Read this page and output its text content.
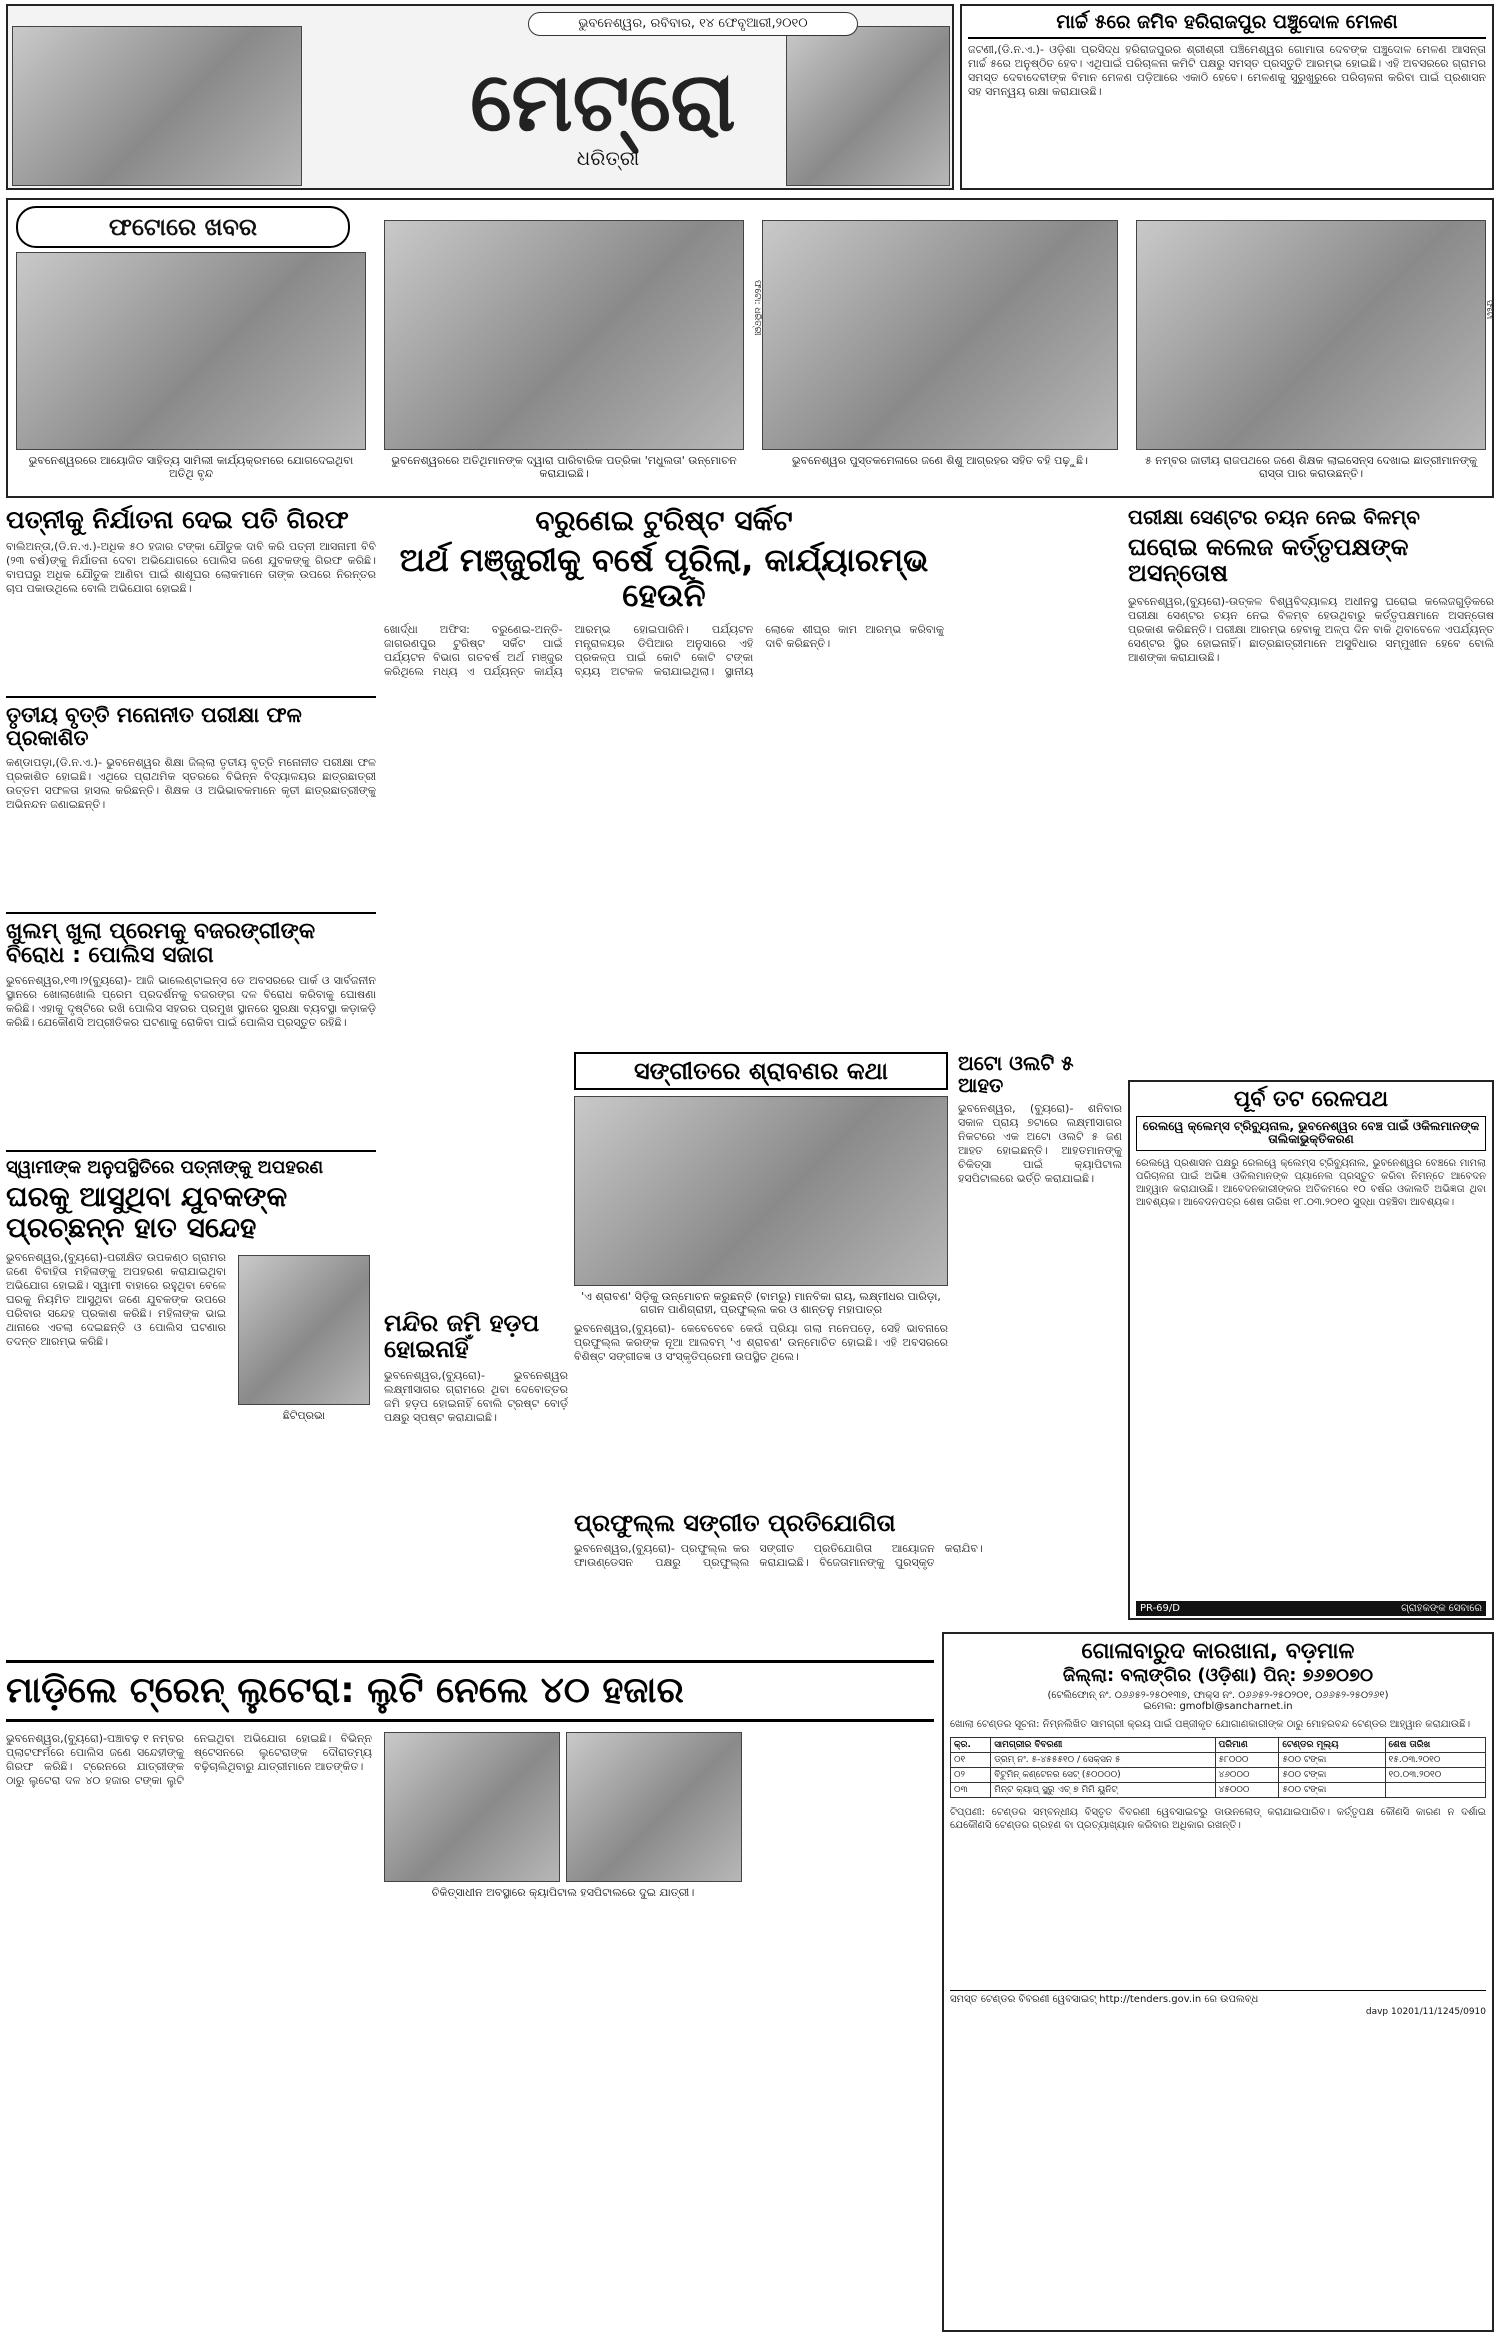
ଭୁବନେଶ୍ୱର, ରବିବାର, ୧୪ ଫେବୃଆରୀ,୨୦୧୦
ମେଟ୍ରୋ
ଧରିତ୍ରୀ
ମାର୍ଚ୍ଚ ୫ରେ ଜମିବ ହରିରାଜପୁର ପଞ୍ଚୁଦୋଳ ମେଳଣ
ଜଟଣୀ,(ଡି.ନ.ଏ.)- ଓଡ଼ିଶା ପ୍ରସିଦ୍ଧ ହରିରାଜପୁରର ଶ୍ରୀଶ୍ରୀ ପଞ୍ଚିମେଶ୍ୱର ଗୋମାତା ଦେବଙ୍କ ପଞ୍ଚୁଦୋଳ ମେଳଣ ଆସନ୍ତା ମାର୍ଚ୍ଚ ୫ରେ ଅନୁଷ୍ଠିତ ହେବ। ଏଥିପାଇଁ ପରିଚାଳନା କମିଟି ପକ୍ଷରୁ ସମସ୍ତ ପ୍ରସ୍ତୁତି ଆରମ୍ଭ ହୋଇଛି। ଏହି ଅବସରରେ ଗ୍ରାମର ସମସ୍ତ ଦେବାଦେବୀଙ୍କ ବିମାନ ମେଳଣ ପଡ଼ିଆରେ ଏକାଠି ହେବେ। ମେଳଣକୁ ସୁରୁଖୁରୁରେ ପରିଚାଳନା କରିବା ପାଇଁ ପ୍ରଶାସନ ସହ ସମନ୍ୱୟ ରକ୍ଷା କରାଯାଉଛି।
ଫଟୋରେ ଖବର
ଭୁବନେଶ୍ୱରରେ ଆୟୋଜିତ ସାହିତ୍ୟ ସାମିଲୀ କାର୍ଯ୍ୟକ୍ରମରେ ଯୋଗଦେଇଥିବା ଅତିଥି ବୃନ୍ଦ
ଭୁବନେଶ୍ୱରରେ ଅତିଥିମାନଙ୍କ ଦ୍ୱାରା ପାରିବାରିକ ପତ୍ରିକା 'ମଧୁଲତା' ଉନ୍ମୋଚନ କରାଯାଇଛି।
ଫଟୋ: ଧରିତ୍ରୀ
ଭୁବନେଶ୍ୱର ପୁସ୍ତକମେଳାରେ ଜଣେ ଶିଶୁ ଆଗ୍ରହର ସହିତ ବହି ପଢ଼ୁଛି।
ଫଟୋ
୫ ନମ୍ବର ଜାତୀୟ ରାଜପଥରେ ଜଣେ ଶିକ୍ଷକ ଲାଇସେନ୍ସ ଦେଖାଇ ଛାତ୍ରୀମାନଙ୍କୁ ରାସ୍ତା ପାର କରାଉଛନ୍ତି।
ପତ୍ନୀକୁ ନିର୍ଯାତନା ଦେଇ ପତି ଗିରଫ
ବାଲିଅନ୍ତା,(ଡି.ନ.ଏ.)-ଅଧିକ ୫୦ ହଜାର ଟଙ୍କା ଯୌତୁକ ଦାବି କରି ପତ୍ନୀ ଆସନାମୀ ବିବି (୨୩ ବର୍ଷ)ଙ୍କୁ ନିର୍ଯାତନା ଦେବା ଅଭିଯୋଗରେ ପୋଲିସ ଜଣେ ଯୁବକଙ୍କୁ ଗିରଫ କରିଛି। ବାପଘରୁ ଅଧିକ ଯୌତୁକ ଆଣିବା ପାଇଁ ଶାଶୂଘର ଲୋକମାନେ ତାଙ୍କ ଉପରେ ନିରନ୍ତର ଚାପ ପକାଉଥିଲେ ବୋଲି ଅଭିଯୋଗ ହୋଇଛି।
ତୃତୀୟ ବୃତ୍ତି ମନୋନୀତ ପରୀକ୍ଷା ଫଳ ପ୍ରକାଶିତ
କଣ୍ଡାପଡ଼ା,(ଡି.ନ.ଏ.)- ଭୁବନେଶ୍ୱର ଶିକ୍ଷା ଜିଲ୍ଲା ତୃତୀୟ ବୃତ୍ତି ମନୋନୀତ ପରୀକ୍ଷା ଫଳ ପ୍ରକାଶିତ ହୋଇଛି। ଏଥିରେ ପ୍ରାଥମିକ ସ୍ତରରେ ବିଭିନ୍ନ ବିଦ୍ୟାଳୟର ଛାତ୍ରଛାତ୍ରୀ ଉତ୍ତମ ସଫଳତା ହାସଲ କରିଛନ୍ତି। ଶିକ୍ଷକ ଓ ଅଭିଭାବକମାନେ କୃତୀ ଛାତ୍ରଛାତ୍ରୀଙ୍କୁ ଅଭିନନ୍ଦନ ଜଣାଇଛନ୍ତି।
ଖୁଲମ୍ ଖୁଲା ପ୍ରେମକୁ ବଜରଙ୍ଗୀଙ୍କ ବିରୋଧ : ପୋଲିସ ସଜାଗ
ଭୁବନେଶ୍ୱର,୧୩।୨(ବ୍ୟୁରୋ)- ଆଜି ଭାଲେଣ୍ଟାଇନ୍ସ ଡେ ଅବସରରେ ପାର୍କ ଓ ସାର୍ବଜନୀନ ସ୍ଥାନରେ ଖୋଲାଖୋଲି ପ୍ରେମ ପ୍ରଦର୍ଶନକୁ ବଜରଙ୍ଗ ଦଳ ବିରୋଧ କରିବାକୁ ଘୋଷଣା କରିଛି। ଏହାକୁ ଦୃଷ୍ଟିରେ ରଖି ପୋଲିସ ସହରର ପ୍ରମୁଖ ସ୍ଥାନରେ ସୁରକ୍ଷା ବ୍ୟବସ୍ଥା କଡ଼ାକଡ଼ି କରିଛି। ଯେକୌଣସି ଅପ୍ରୀତିକର ଘଟଣାକୁ ରୋକିବା ପାଇଁ ପୋଲିସ ପ୍ରସ୍ତୁତ ରହିଛି।
ସ୍ୱାମୀଙ୍କ ଅନୁପସ୍ଥିତିରେ ପତ୍ନୀଙ୍କୁ ଅପହରଣ
ଘରକୁ ଆସୁଥିବା ଯୁବକଙ୍କ ପ୍ରଚ୍ଛନ୍ନ ହାତ ସନ୍ଦେହ
ଭୁବନେଶ୍ୱର,(ବ୍ୟୁରୋ)-ପରୀକ୍ଷିତ ଉପକଣ୍ଠ ଗ୍ରାମର ଜଣେ ବିବାହିତା ମହିଳାଙ୍କୁ ଅପହରଣ କରାଯାଇଥିବା ଅଭିଯୋଗ ହୋଇଛି। ସ୍ୱାମୀ ବାହାରେ ରହୁଥିବା ବେଳେ ଘରକୁ ନିୟମିତ ଆସୁଥିବା ଜଣେ ଯୁବକଙ୍କ ଉପରେ ପରିବାର ସନ୍ଦେହ ପ୍ରକାଶ କରିଛି। ମହିଳାଙ୍କ ଭାଇ ଥାନାରେ ଏତଲା ଦେଇଛନ୍ତି ଓ ପୋଲିସ ଘଟଣାର ତଦନ୍ତ ଆରମ୍ଭ କରିଛି।
ଛିଟିପ୍ରଭା
ବରୁଣେଇ ଟୁରିଷ୍ଟ ସର୍କିଟ
ଅର୍ଥ ମଞ୍ଜୁରୀକୁ ବର୍ଷେ ପୂରିଲା, କାର୍ଯ୍ୟାରମ୍ଭ ହେଉନି
ଖୋର୍ଦ୍ଧା ଅଫିସ: ବରୁଣେଇ-ଅନ୍ତି-ଜାଗରଣପୁର ଟୁରିଷ୍ଟ ସର୍କିଟ ପାଇଁ ପର୍ଯ୍ୟଟନ ବିଭାଗ ଗତବର୍ଷ ଅର୍ଥ ମଞ୍ଜୁର କରିଥିଲେ ମଧ୍ୟ ଏ ପର୍ଯ୍ୟନ୍ତ କାର୍ଯ୍ୟ ଆରମ୍ଭ ହୋଇପାରିନି। ପର୍ଯ୍ୟଟନ ମନ୍ତ୍ରାଳୟର ଡିପିଆର ଅନୁସାରେ ଏହି ପ୍ରକଳ୍ପ ପାଇଁ କୋଟି କୋଟି ଟଙ୍କା ବ୍ୟୟ ଅଟକଳ କରାଯାଇଥିଲା। ସ୍ଥାନୀୟ ଲୋକେ ଶୀଘ୍ର କାମ ଆରମ୍ଭ କରିବାକୁ ଦାବି କରିଛନ୍ତି।
ସଙ୍ଗୀତରେ ଶ୍ରାବଣର କଥା
'ଏ ଶ୍ରାବଣ' ସିଡ଼ିକୁ ଉନ୍ମୋଚନ କରୁଛନ୍ତି (ବାମରୁ) ମାନବିକା ରାୟ, ଲକ୍ଷ୍ମୀଧର ପାରିଡ଼ା, ଗଗନ ପାଣିଗ୍ରାହୀ, ପ୍ରଫୁଲ୍ଲ କର ଓ ଶାନ୍ତନୁ ମହାପାତ୍ର
ଭୁବନେଶ୍ୱର,(ବ୍ୟୁରୋ)- କେବେବେବେ କେଉଁ ପ୍ରିୟା ଗଲା ମନେପଡ଼େ, ସେହି ଭାବନାରେ ପ୍ରଫୁଲ୍ଲ କରଙ୍କ ନୂଆ ଆଲବମ୍ 'ଏ ଶ୍ରାବଣ' ଉନ୍ମୋଚିତ ହୋଇଛି। ଏହି ଅବସରରେ ବିଶିଷ୍ଟ ସଙ୍ଗୀତଜ୍ଞ ଓ ସଂସ୍କୃତିପ୍ରେମୀ ଉପସ୍ଥିତ ଥିଲେ।
ଅଟୋ ଓଲଟି ୫ ଆହତ
ଭୁବନେଶ୍ୱର, (ବ୍ୟୁରୋ)- ଶନିବାର ସକାଳ ପ୍ରାୟ ୭ଟାରେ ଲକ୍ଷ୍ମୀସାଗର ନିକଟରେ ଏକ ଅଟୋ ଓଲଟି ୫ ଜଣ ଆହତ ହୋଇଛନ୍ତି। ଆହତମାନଙ୍କୁ ଚିକିତ୍ସା ପାଇଁ କ୍ୟାପିଟାଲ ହସପିଟାଲରେ ଭର୍ତ୍ତି କରାଯାଇଛି।
ମନ୍ଦିର ଜମି ହଡ଼ପ ହୋଇନାହିଁ
ଭୁବନେଶ୍ୱର,(ବ୍ୟୁରୋ)- ଭୁବନେଶ୍ୱର ଲକ୍ଷ୍ମୀସାଗର ଗ୍ରାମରେ ଥିବା ଦେବୋତ୍ତର ଜମି ହଡ଼ପ ହୋଇନାହିଁ ବୋଲି ଟ୍ରଷ୍ଟ ବୋର୍ଡ଼ ପକ୍ଷରୁ ସ୍ପଷ୍ଟ କରାଯାଇଛି।
ପ୍ରଫୁଲ୍ଲ ସଙ୍ଗୀତ ପ୍ରତିଯୋଗିତା
ଭୁବନେଶ୍ୱର,(ବ୍ୟୁରୋ)- ପ୍ରଫୁଲ୍ଲ କର ଫାଉଣ୍ଡେସନ ପକ୍ଷରୁ ପ୍ରଫୁଲ୍ଲ ସଙ୍ଗୀତ ପ୍ରତିଯୋଗିତା ଆୟୋଜନ କରାଯାଇଛି। ବିଜେତାମାନଙ୍କୁ ପୁରସ୍କୃତ କରାଯିବ।
ପରୀକ୍ଷା ସେଣ୍ଟର ଚୟନ ନେଇ ବିଳମ୍ବ
ଘରୋଇ କଲେଜ କର୍ତ୍ତୃପକ୍ଷଙ୍କ ଅସନ୍ତୋଷ
ଭୁବନେଶ୍ୱର,(ବ୍ୟୁରୋ)-ଉତ୍କଳ ବିଶ୍ୱବିଦ୍ୟାଳୟ ଅଧୀନସ୍ଥ ଘରୋଇ କଲେଜଗୁଡ଼ିକରେ ପରୀକ୍ଷା ସେଣ୍ଟର ଚୟନ ନେଇ ବିଳମ୍ବ ହେଉଥିବାରୁ କର୍ତ୍ତୃପକ୍ଷମାନେ ଅସନ୍ତୋଷ ପ୍ରକାଶ କରିଛନ୍ତି। ପରୀକ୍ଷା ଆରମ୍ଭ ହେବାକୁ ଅଳ୍ପ ଦିନ ବାକି ଥିବାବେଳେ ଏପର୍ଯ୍ୟନ୍ତ ସେଣ୍ଟର ସ୍ଥିର ହୋଇନାହିଁ। ଛାତ୍ରଛାତ୍ରୀମାନେ ଅସୁବିଧାର ସମ୍ମୁଖୀନ ହେବେ ବୋଲି ଆଶଙ୍କା କରାଯାଉଛି।
ପୂର୍ବ ତଟ ରେଳପଥ
ରେଲୱେ କ୍ଲେମ୍ସ ଟ୍ରିବ୍ୟୁନାଲ, ଭୁବନେଶ୍ୱର ବେଞ୍ଚ ପାଇଁ ଓକିଲମାନଙ୍କ ତାଲିକାଭୁକ୍ତିକରଣ
ରେଲୱେ ପ୍ରଶାସନ ପକ୍ଷରୁ ରେଲୱେ କ୍ଲେମ୍ସ ଟ୍ରିବ୍ୟୁନାଲ, ଭୁବନେଶ୍ୱର ବେଞ୍ଚରେ ମାମଲା ପରିଚାଳନା ପାଇଁ ଅଭିଜ୍ଞ ଓକିଲମାନଙ୍କ ପ୍ୟାନେଲ ପ୍ରସ୍ତୁତ କରିବା ନିମନ୍ତେ ଆବେଦନ ଆହ୍ୱାନ କରାଯାଉଛି। ଆବେଦନକାରୀଙ୍କର ଅତିକମରେ ୧୦ ବର୍ଷର ଓକାଲତି ଅଭିଜ୍ଞତା ଥିବା ଆବଶ୍ୟକ। ଆବେଦନପତ୍ର ଶେଷ ତାରିଖ ୧୮.୦୩.୨୦୧୦ ସୁଦ୍ଧା ପହଞ୍ଚିବା ଆବଶ୍ୟକ।
PR-69/D	ଗ୍ରାହକଙ୍କ ସେବାରେ
ଗୋଳାବାରୁଦ କାରଖାନା, ବଡ଼ମାଳ
ଜିଲ୍ଲା: ବଲାଙ୍ଗିର (ଓଡ଼ିଶା) ପିନ୍: ୭୬୭୦୭୦
(ଟେଲିଫୋନ୍ ନଂ. ୦୬୬୫୨-୨୫୦୧୩୭, ଫାକ୍ସ ନଂ. ୦୬୬୫୨-୨୫୦୨୦୧, ୦୬୬୫୨-୨୫୦୨୬୧)
ଇମେଲ: gmofbl@sancharnet.in
ଖୋଲା ଟେଣ୍ଡର ସୂଚନା: ନିମ୍ନଲିଖିତ ସାମଗ୍ରୀ କ୍ରୟ ପାଇଁ ପଞ୍ଜୀକୃତ ଯୋଗାଣକାରୀଙ୍କ ଠାରୁ ମୋହରବନ୍ଦ ଟେଣ୍ଡର ଆହ୍ୱାନ କରାଯାଉଛି।
କ୍ର.	ସାମଗ୍ରୀର ବିବରଣୀ	ପରିମାଣ	ଟେଣ୍ଡର ମୂଲ୍ୟ	ଶେଷ ତାରିଖ
୦୧	ଡ୍ରମ୍ ନଂ. ୫-୪୫୫୫୧୦ / ସେକ୍ସନ ୫	୫୮୦୦୦	୫୦୦ ଟଙ୍କା	୧୫.୦୩.୨୦୧୦
୦୨	ବିଟୁମିନ୍ କଣ୍ଟେନର ସେଟ୍ (୫୦୦୦୦)	୪୬୦୦୦	୫୦୦ ଟଙ୍କା	୧୦.୦୩.୨୦୧୦
୦୩	ମିନ୍ଟ କ୍ୟାପ୍ ସ୍କ୍ରୁ ଏଚ୍ ୭ ମିମି ୟୁନିଟ୍	୪୫୦୦୦	୫୦୦ ଟଙ୍କା	
ଟିପ୍ପଣୀ: ଟେଣ୍ଡର ସମ୍ବନ୍ଧୀୟ ବିସ୍ତୃତ ବିବରଣୀ ୱେବସାଇଟରୁ ଡାଉନଲୋଡ୍ କରାଯାଇପାରିବ। କର୍ତ୍ତୃପକ୍ଷ କୌଣସି କାରଣ ନ ଦର୍ଶାଇ ଯେକୌଣସି ଟେଣ୍ଡର ଗ୍ରହଣ ବା ପ୍ରତ୍ୟାଖ୍ୟାନ କରିବାର ଅଧିକାର ରଖନ୍ତି।
ସମସ୍ତ ଟେଣ୍ଡର ବିବରଣୀ ୱେବସାଇଟ୍ http://tenders.gov.in ରେ ଉପଲବ୍ଧ
davp 10201/11/1245/0910
ମାଡ଼ିଲେ ଟ୍ରେନ୍ ଲୁଟେରା: ଲୁଟି ନେଲେ ୪୦ ହଜାର
ଭୁବନେଶ୍ୱର,(ବ୍ୟୁରୋ)-ପଞ୍ଚାବଢ଼ ୧ ନମ୍ବର ପ୍ଲାଟଫର୍ମରେ ପୋଲିସ ଜଣେ ସନ୍ଦେହୀଙ୍କୁ ଗିରଫ କରିଛି। ଟ୍ରେନରେ ଯାତ୍ରୀଙ୍କ ଠାରୁ ଲୁଟେରା ଦଳ ୪୦ ହଜାର ଟଙ୍କା ଲୁଟି ନେଇଥିବା ଅଭିଯୋଗ ହୋଇଛି। ବିଭିନ୍ନ ଷ୍ଟେସନରେ ଲୁଟେରାଙ୍କ ଦୌରାତ୍ମ୍ୟ ବଢ଼ିଚାଲିଥିବାରୁ ଯାତ୍ରୀମାନେ ଆତଙ୍କିତ।
ଚିକିତ୍ସାଧୀନ ଅବସ୍ଥାରେ କ୍ୟାପିଟାଲ ହସପିଟାଲରେ ଦୁଇ ଯାତ୍ରୀ।
